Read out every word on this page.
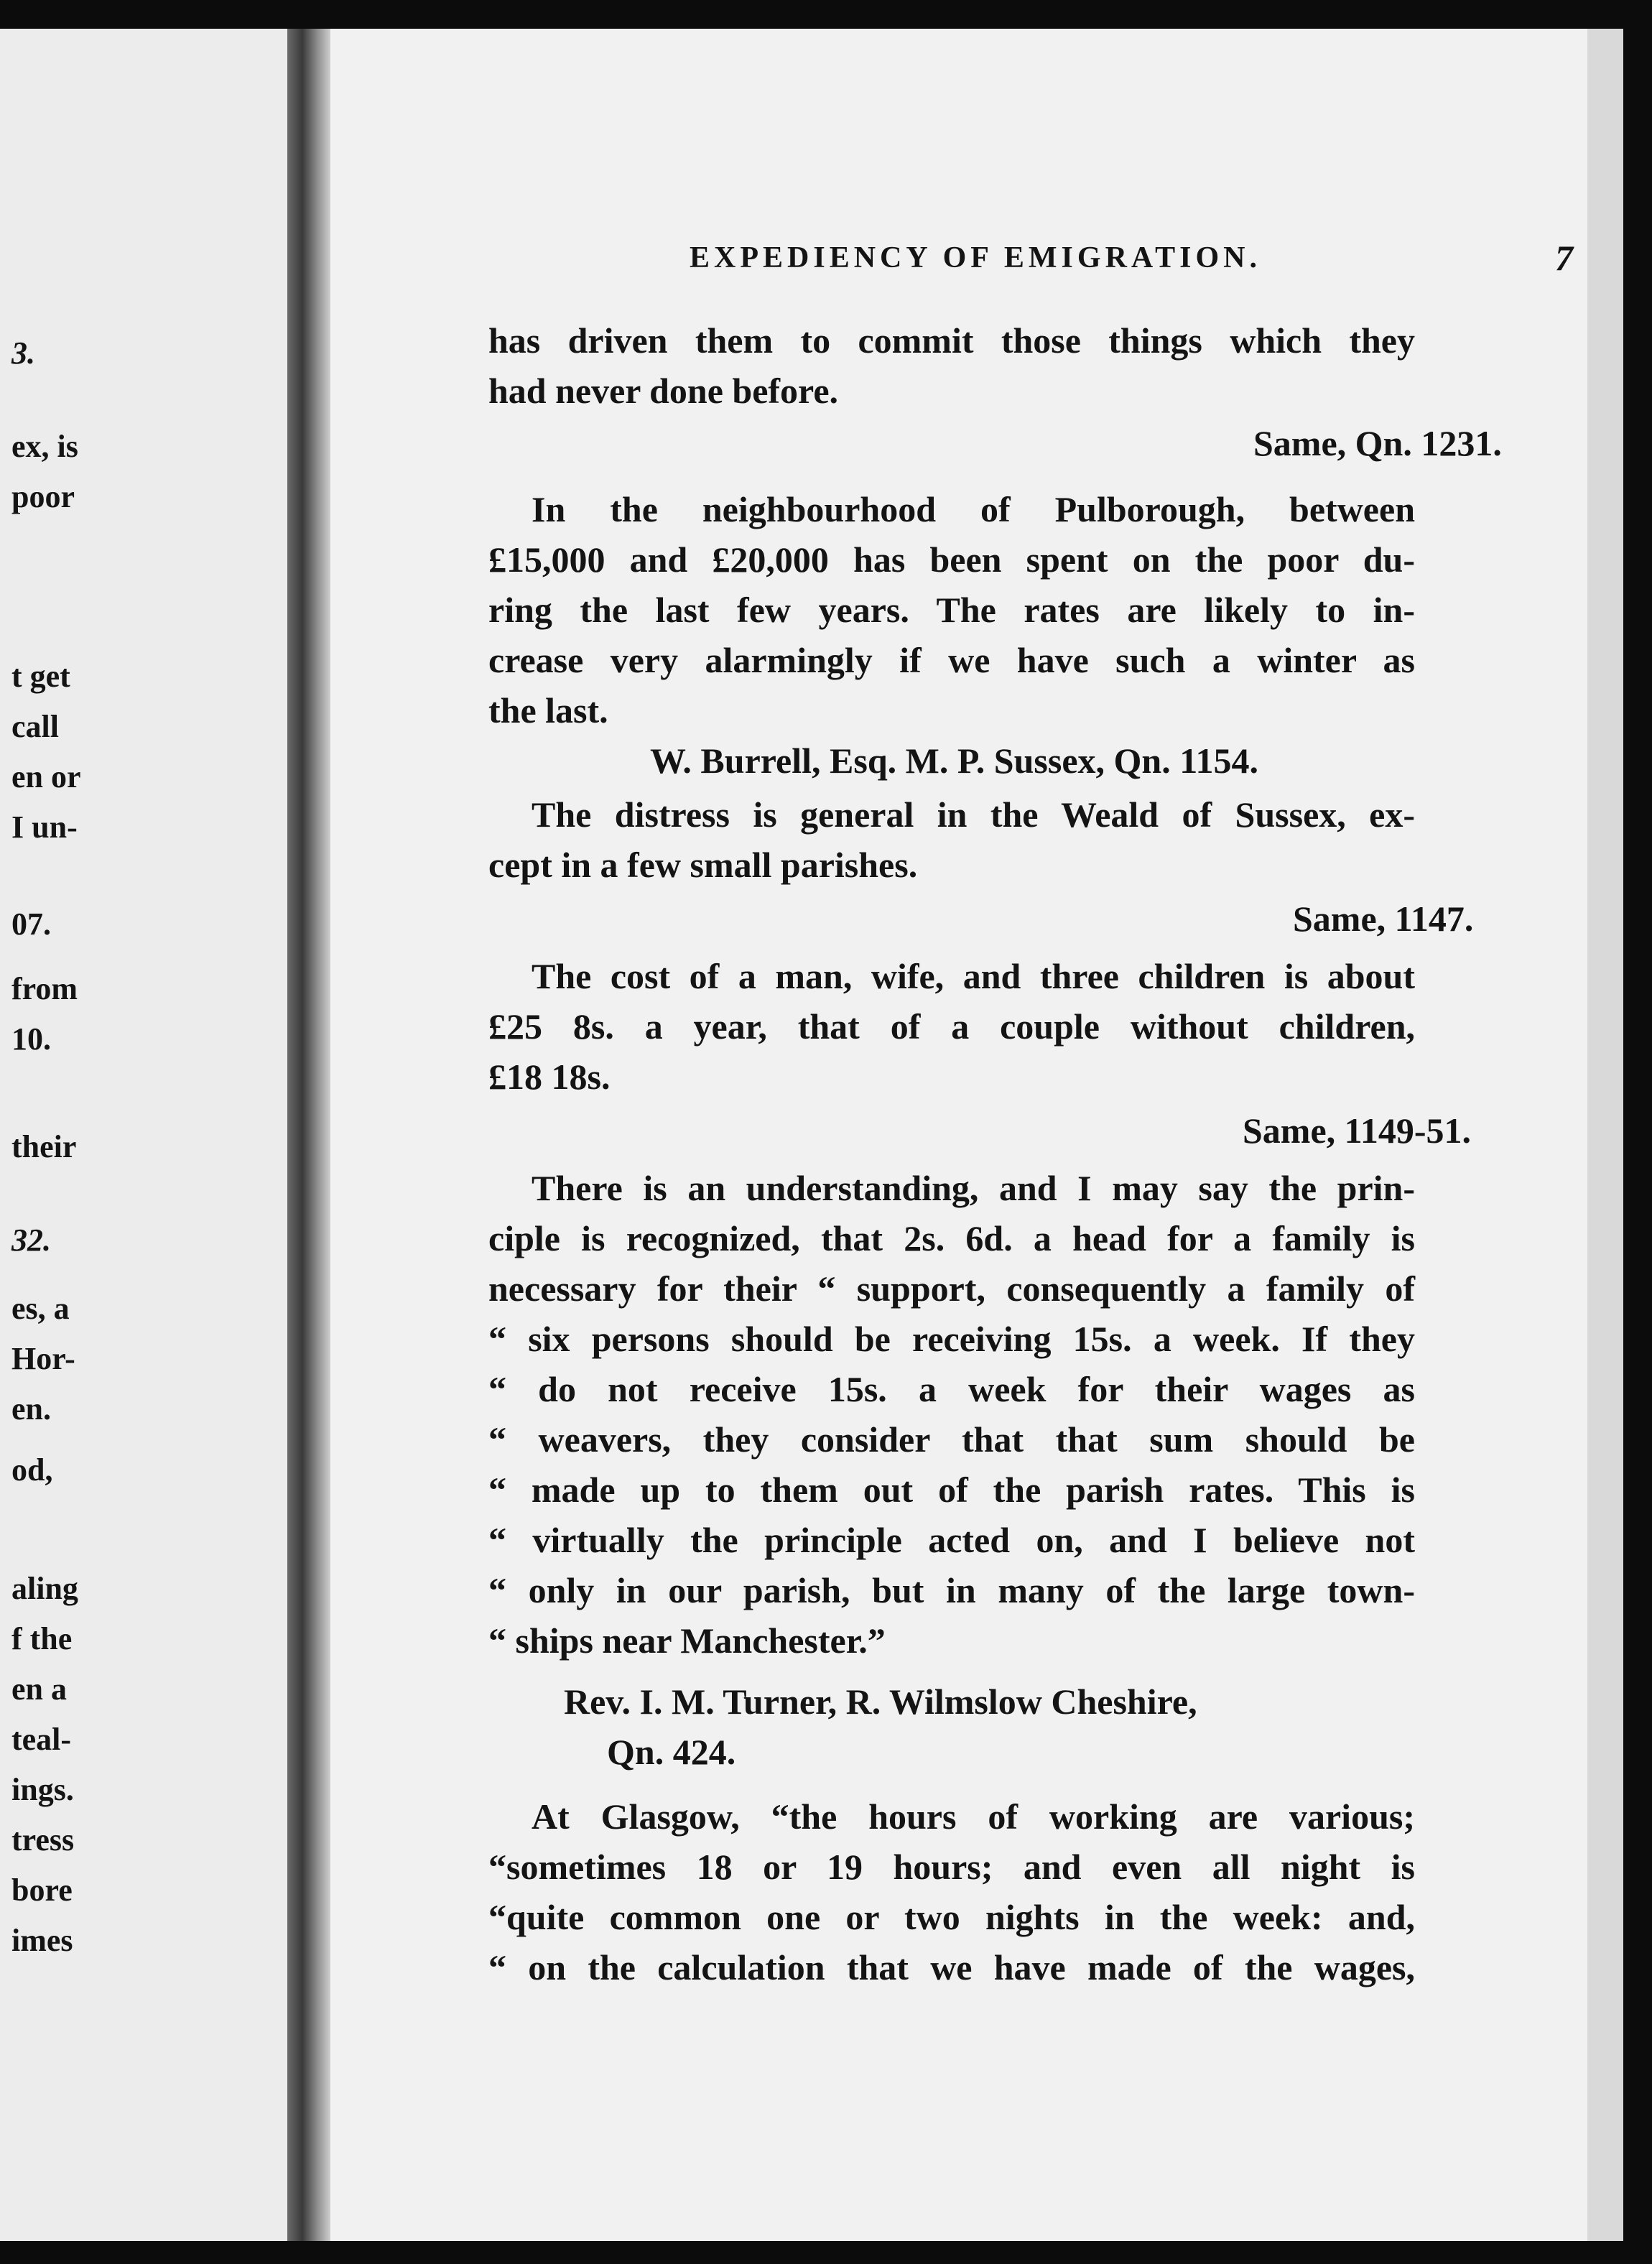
3.
ex, is
poor
t get
call
en or
I un-
07.
from
10.
their
32.
es, a
Hor-
en.
od,
aling
f the
en a
teal-
ings.
tress
bore
imes
EXPEDIENCY OF EMIGRATION.	7
has driven them to commit those things which they
had never done before.
Same, Qn. 1231.
In the neighbourhood of Pulborough, between
£15,000 and £20,000 has been spent on the poor du-
ring the last few years. The rates are likely to in-
crease very alarmingly if we have such a winter as
the last.
W. Burrell, Esq. M. P. Sussex, Qn. 1154.
The distress is general in the Weald of Sussex, ex-
cept in a few small parishes.
Same, 1147.
The cost of a man, wife, and three children is about
£25 8s. a year, that of a couple without children,
£18 18s.
Same, 1149-51.
There is an understanding, and I may say the prin-
ciple is recognized, that 2s. 6d. a head for a family is
necessary for their “ support, consequently a family of
“ six persons should be receiving 15s. a week. If they
“ do not receive 15s. a week for their wages as
“ weavers, they consider that that sum should be
“ made up to them out of the parish rates. This is
“ virtually the principle acted on, and I believe not
“ only in our parish, but in many of the large town-
“ ships near Manchester.”
Rev. I. M. Turner, R. Wilmslow Cheshire,
Qn. 424.
At Glasgow, “the hours of working are various;
“sometimes 18 or 19 hours; and even all night is
“quite common one or two nights in the week: and,
“ on the calculation that we have made of the wages,
